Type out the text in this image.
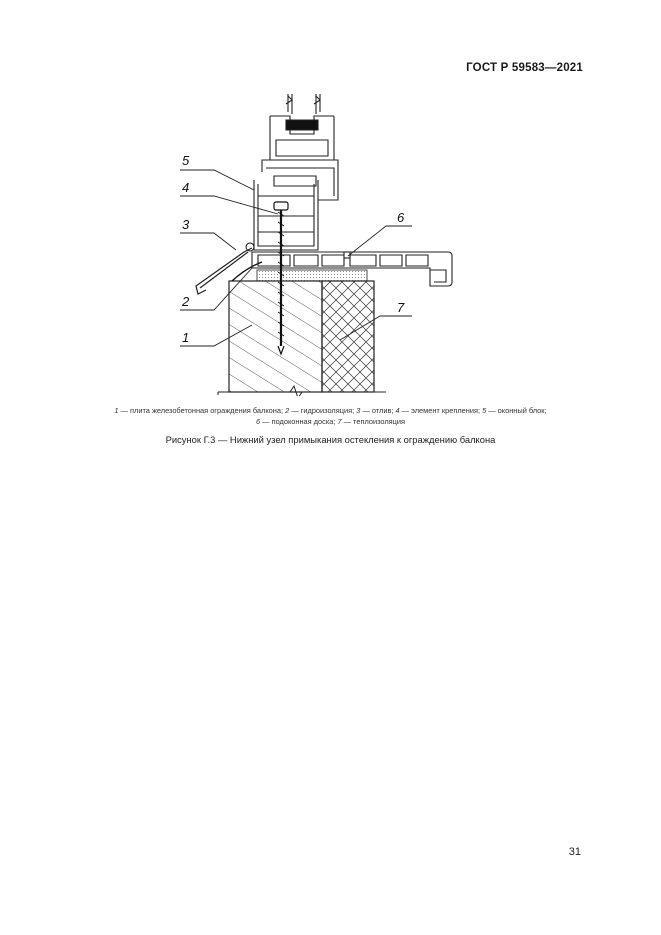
ГОСТ Р 59583—2021
5
4
3
2
1
6
7
1 — плита железобетонная ограждения балкона; 2 — гидроизоляция; 3 — отлив; 4 — элемент крепления; 5 — оконный блок;
6 — подоконная доска; 7 — теплоизоляция
Рисунок Г.3 — Нижний узел примыкания остекления к ограждению балкона
31
